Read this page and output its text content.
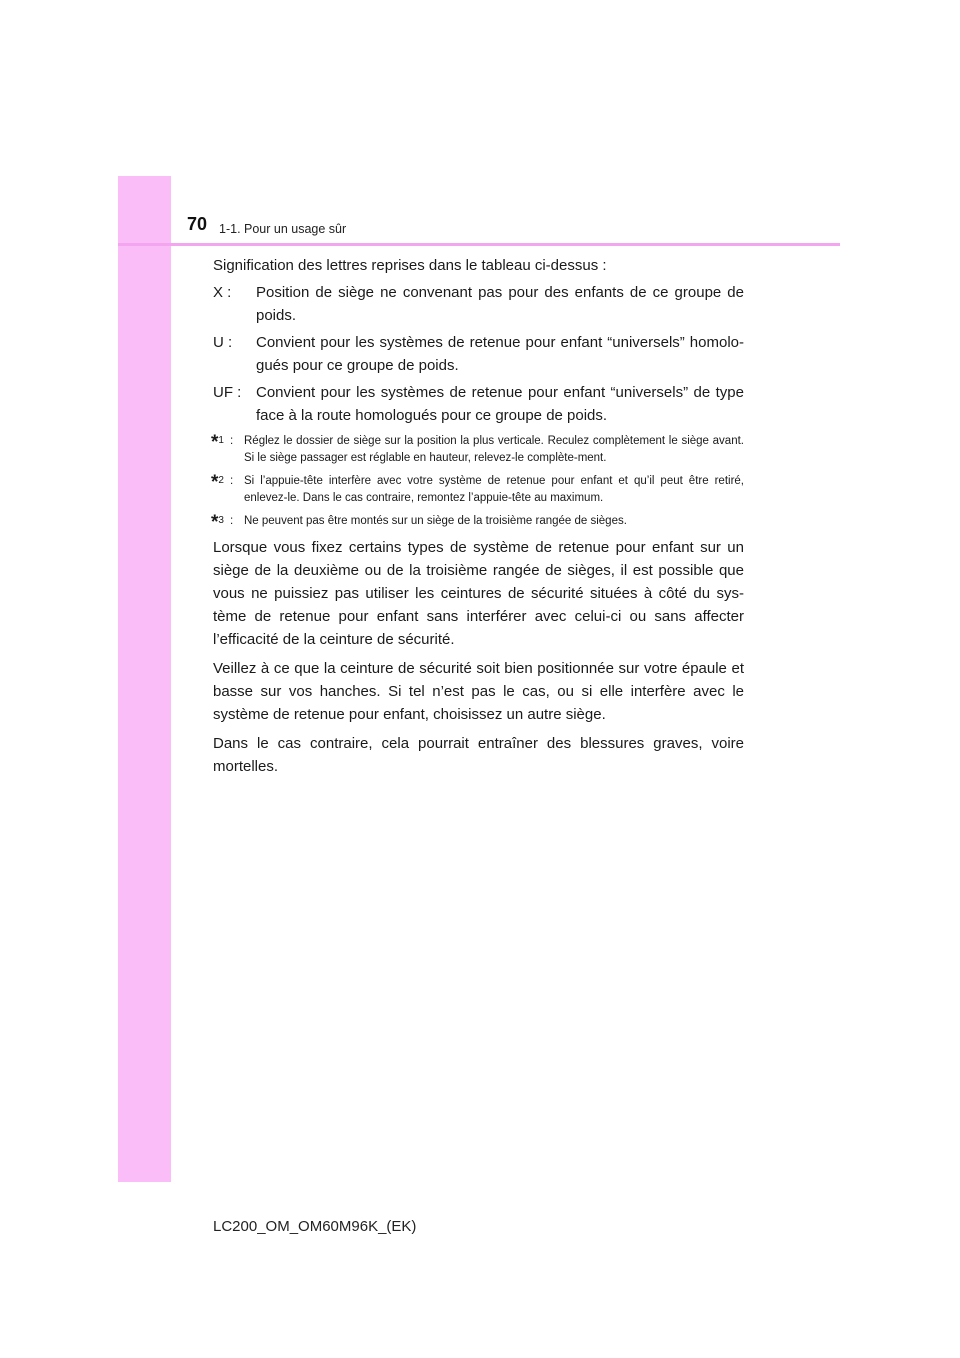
70 1-1. Pour un usage sûr

Signification des lettres reprises dans le tableau ci-dessus :

X :	Position de siège ne convenant pas pour des enfants de ce groupe de poids.
U :	Convient pour les systèmes de retenue pour enfant “universels” homolo-gués pour ce groupe de poids.
UF : Convient pour les systèmes de retenue pour enfant “universels” de type face à la route homologués pour ce groupe de poids.
*1 : Réglez le dossier de siège sur la position la plus verticale. Reculez complètement le siège avant. Si le siège passager est réglable en hauteur, relevez-le complète-ment.
*2 : Si l’appuie-tête interfère avec votre système de retenue pour enfant et qu’il peut être retiré, enlevez-le. Dans le cas contraire, remontez l’appuie-tête au maximum.
*3 : Ne peuvent pas être montés sur un siège de la troisième rangée de sièges.

Lorsque vous fixez certains types de système de retenue pour enfant sur un siège de la deuxième ou de la troisième rangée de sièges, il est possible que vous ne puissiez pas utiliser les ceintures de sécurité situées à côté du sys-tème de retenue pour enfant sans interférer avec celui-ci ou sans affecter l’efficacité de la ceinture de sécurité.

Veillez à ce que la ceinture de sécurité soit bien positionnée sur votre épaule et basse sur vos hanches. Si tel n’est pas le cas, ou si elle interfère avec le système de retenue pour enfant, choisissez un autre siège.

Dans le cas contraire, cela pourrait entraîner des blessures graves, voire mortelles.

LC200_OM_OM60M96K_(EK)
